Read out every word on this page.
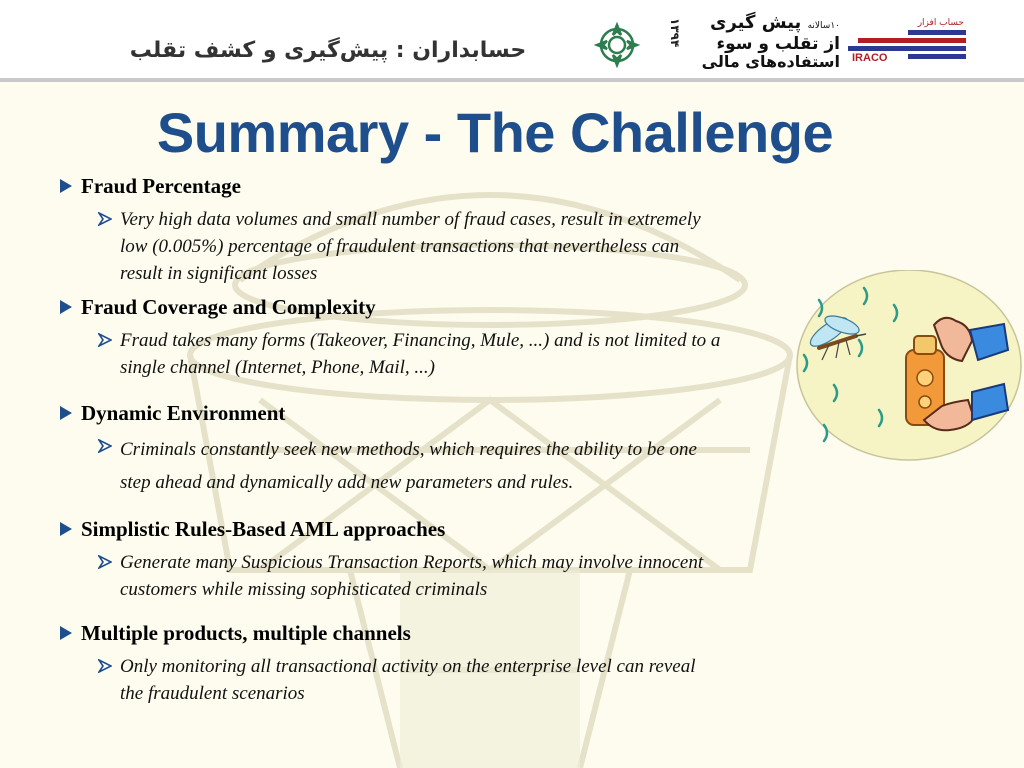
حسابداران : پیش‌گیری و کشف تقلب
۱۳۹۴	۱۰سالانه پیش گیری
از تقلب و سوء
استفاده‌های مالی
حساب افزار
IRACO
Summary - The Challenge
Fraud Percentage
Very high data volumes and small number of fraud cases, result in extremely
low (0.005%) percentage of fraudulent transactions that nevertheless can
result in significant losses
Fraud Coverage and Complexity
Fraud takes many forms (Takeover, Financing, Mule, ...) and is not limited to a
single channel (Internet, Phone, Mail, ...)
Dynamic Environment
Criminals constantly seek new methods, which requires the ability to be one
step ahead and dynamically add new parameters and rules.
Simplistic Rules-Based AML approaches
Generate many Suspicious Transaction Reports, which may involve innocent
customers while missing sophisticated criminals
Multiple products, multiple channels
Only monitoring all transactional activity on the enterprise level can reveal
the fraudulent scenarios
